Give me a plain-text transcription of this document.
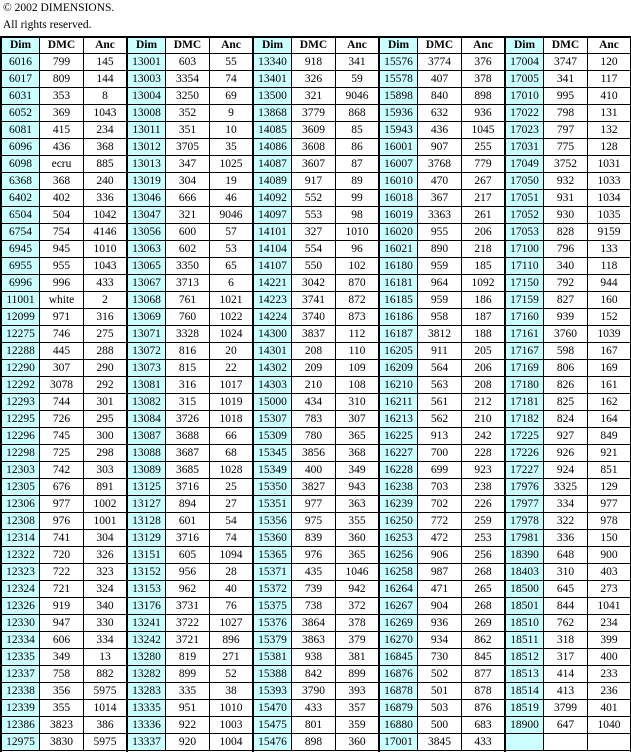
© 2002 DIMENSIONS.
All rights reserved.
Dim	DMC	Anc
6016	799	145
6017	809	144
6031	353	8
6052	369	1043
6081	415	234
6096	436	368
6098	ecru	885
6368	368	240
6402	402	336
6504	504	1042
6754	754	4146
6945	945	1010
6955	955	1043
6996	996	433
11001	white	2
12099	971	316
12275	746	275
12288	445	288
12290	307	290
12292	3078	292
12293	744	301
12295	726	295
12296	745	300
12298	725	298
12303	742	303
12305	676	891
12306	977	1002
12308	976	1001
12314	741	304
12322	720	326
12323	722	323
12324	721	324
12326	919	340
12330	947	330
12334	606	334
12335	349	13
12337	758	882
12338	356	5975
12339	355	1014
12386	3823	386
12975	3830	5975
Dim	DMC	Anc
13001	603	55
13003	3354	74
13004	3250	69
13008	352	9
13011	351	10
13012	3705	35
13013	347	1025
13019	304	19
13046	666	46
13047	321	9046
13056	600	57
13063	602	53
13065	3350	65
13067	3713	6
13068	761	1021
13069	760	1022
13071	3328	1024
13072	816	20
13073	815	22
13081	316	1017
13082	315	1019
13084	3726	1018
13087	3688	66
13088	3687	68
13089	3685	1028
13125	3716	25
13127	894	27
13128	601	54
13129	3716	74
13151	605	1094
13152	956	28
13153	962	40
13176	3731	76
13241	3722	1027
13242	3721	896
13280	819	271
13282	899	52
13283	335	38
13335	951	1010
13336	922	1003
13337	920	1004
Dim	DMC	Anc
13340	918	341
13401	326	59
13500	321	9046
13868	3779	868
14085	3609	85
14086	3608	86
14087	3607	87
14089	917	89
14092	552	99
14097	553	98
14101	327	1010
14104	554	96
14107	550	102
14221	3042	870
14223	3741	872
14224	3740	873
14300	3837	112
14301	208	110
14302	209	109
14303	210	108
15000	434	310
15307	783	307
15309	780	365
15345	3856	368
15349	400	349
15350	3827	943
15351	977	363
15356	975	355
15360	839	360
15365	976	365
15371	435	1046
15372	739	942
15375	738	372
15376	3864	378
15379	3863	379
15381	938	381
15388	842	899
15393	3790	393
15470	433	357
15475	801	359
15476	898	360
Dim	DMC	Anc
15576	3774	376
15578	407	378
15898	840	898
15936	632	936
15943	436	1045
16001	907	255
16007	3768	779
16010	470	267
16018	367	217
16019	3363	261
16020	955	206
16021	890	218
16180	959	185
16181	964	1092
16185	959	186
16186	958	187
16187	3812	188
16205	911	205
16209	564	206
16210	563	208
16211	561	212
16213	562	210
16225	913	242
16227	700	228
16228	699	923
16238	703	238
16239	702	226
16250	772	259
16253	472	253
16256	906	256
16258	987	268
16264	471	265
16267	904	268
16269	936	269
16270	934	862
16845	730	845
16876	502	877
16878	501	878
16879	503	876
16880	500	683
17001	3845	433
Dim	DMC	Anc
17004	3747	120
17005	341	117
17010	995	410
17022	798	131
17023	797	132
17031	775	128
17049	3752	1031
17050	932	1033
17051	931	1034
17052	930	1035
17053	828	9159
17100	796	133
17110	340	118
17150	792	944
17159	827	160
17160	939	152
17161	3760	1039
17167	598	167
17169	806	169
17180	826	161
17181	825	162
17182	824	164
17225	927	849
17226	926	921
17227	924	851
17976	3325	129
17977	334	977
17978	322	978
17981	336	150
18390	648	900
18403	310	403
18500	645	273
18501	844	1041
18510	762	234
18511	318	399
18512	317	400
18513	414	233
18514	413	236
18519	3799	401
18900	647	1040
